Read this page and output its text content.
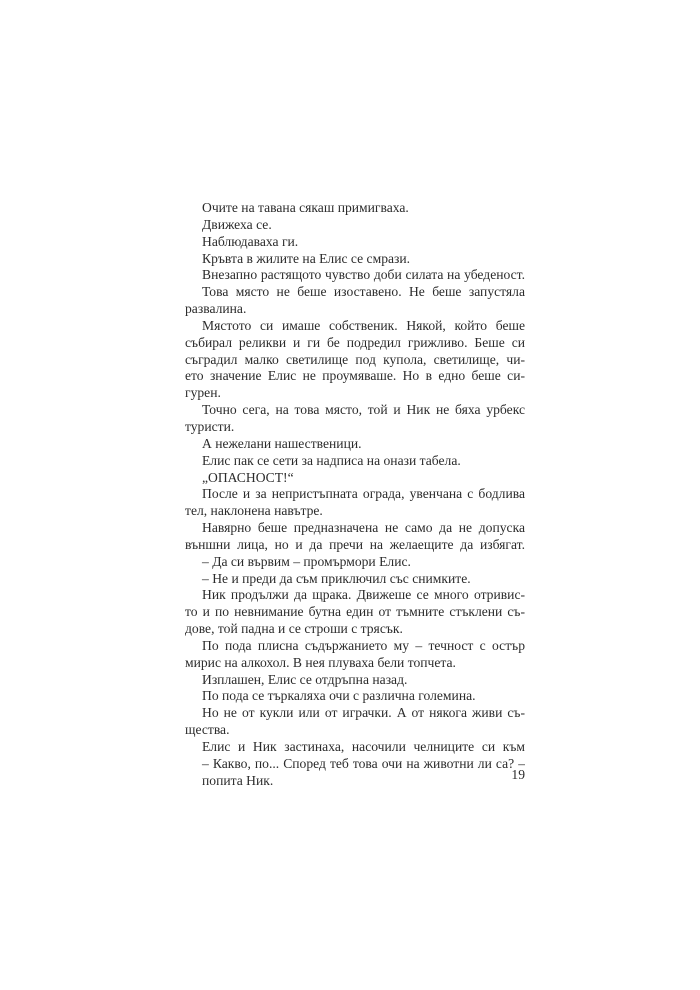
Очите на тавана сякаш примигваха.
Движеха се.
Наблюдаваха ги.
Кръвта в жилите на Елис се смрази.
Внезапно растящото чувство доби силата на убеденост.
Това място не беше изоставено. Не беше запустяла
развалина.
Мястото си имаше собственик. Някой, който беше
събирал реликви и ги бе подредил грижливо. Беше си
съградил малко светилище под купола, светилище, чи-
ето значение Елис не проумяваше. Но в едно беше си-
гурен.
Точно сега, на това място, той и Ник не бяха урбекс
туристи.
А нежелани нашественици.
Елис пак се сети за надписа на онази табела.
„ОПАСНОСТ!“
После и за непристъпната ограда, увенчана с бодлива
тел, наклонена навътре.
Навярно беше предназначена не само да не допуска
външни лица, но и да пречи на желаещите да избягат.
– Да си вървим – промърмори Елис.
– Не и преди да съм приключил със снимките.
Ник продължи да щрака. Движеше се много отривис-
то и по невнимание бутна един от тъмните стъклени съ-
дове, той падна и се строши с трясък.
По пода плисна съдържанието му – течност с остър
мирис на алкохол. В нея плуваха бели топчета.
Изплашен, Елис се отдръпна назад.
По пода се търкаляха очи с различна големина.
Но не от кукли или от играчки. А от някога живи съ-
щества.
Елис и Ник застинаха, насочили челниците си към
– Какво, по... Според теб това очи на животни ли са? –
попита Ник.	19
